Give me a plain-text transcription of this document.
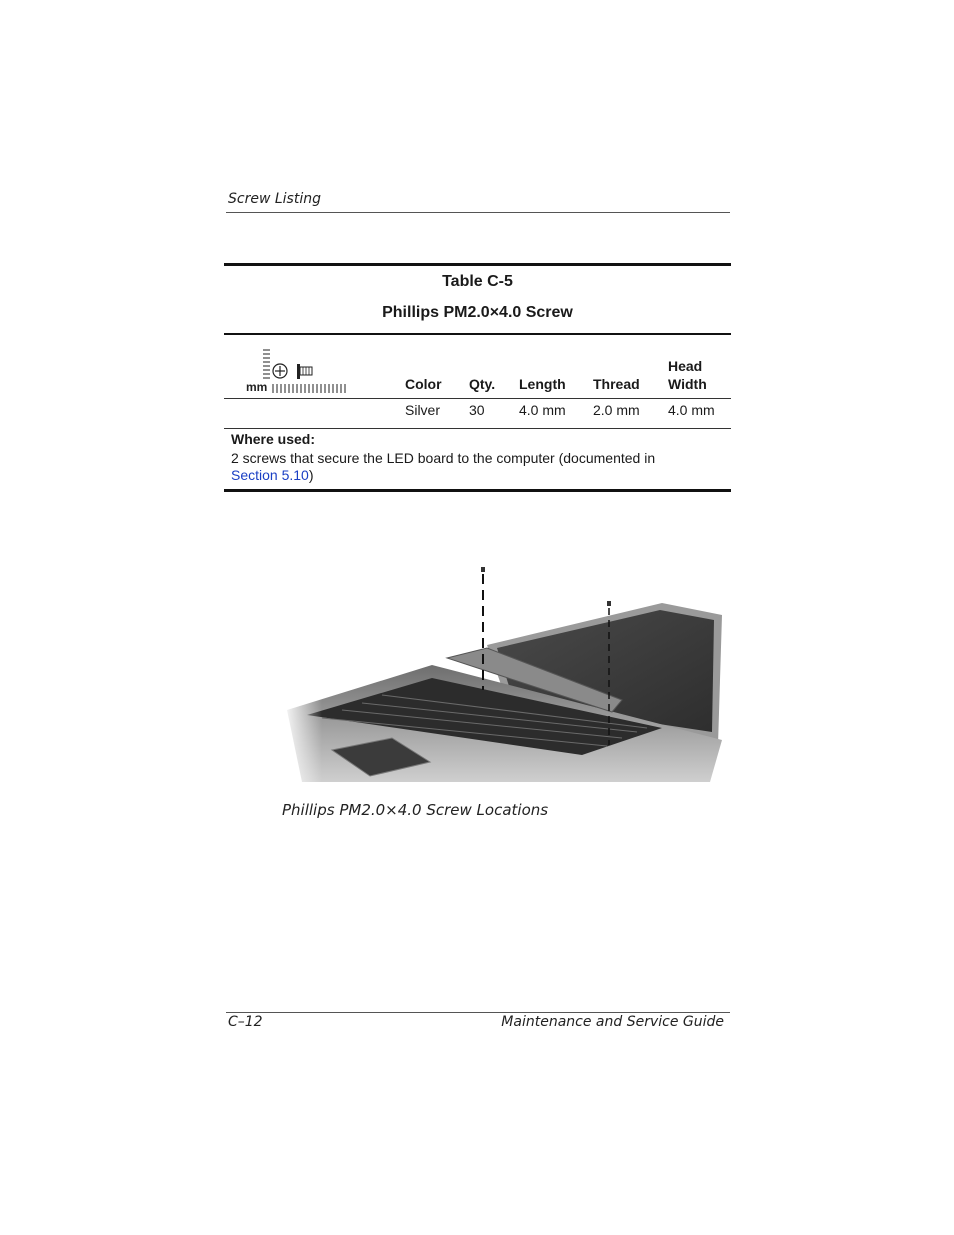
Screw Listing
Table C-5
Phillips PM2.0×4.0 Screw
mm	Color Qty. Length Thread
Head
Width
Silver 30 4.0 mm 2.0 mm 4.0 mm
Where used:
2 screws that secure the LED board to the computer (documented in
Section 5.10)
Phillips PM2.0×4.0 Screw Locations
C–12	Maintenance and Service Guide
